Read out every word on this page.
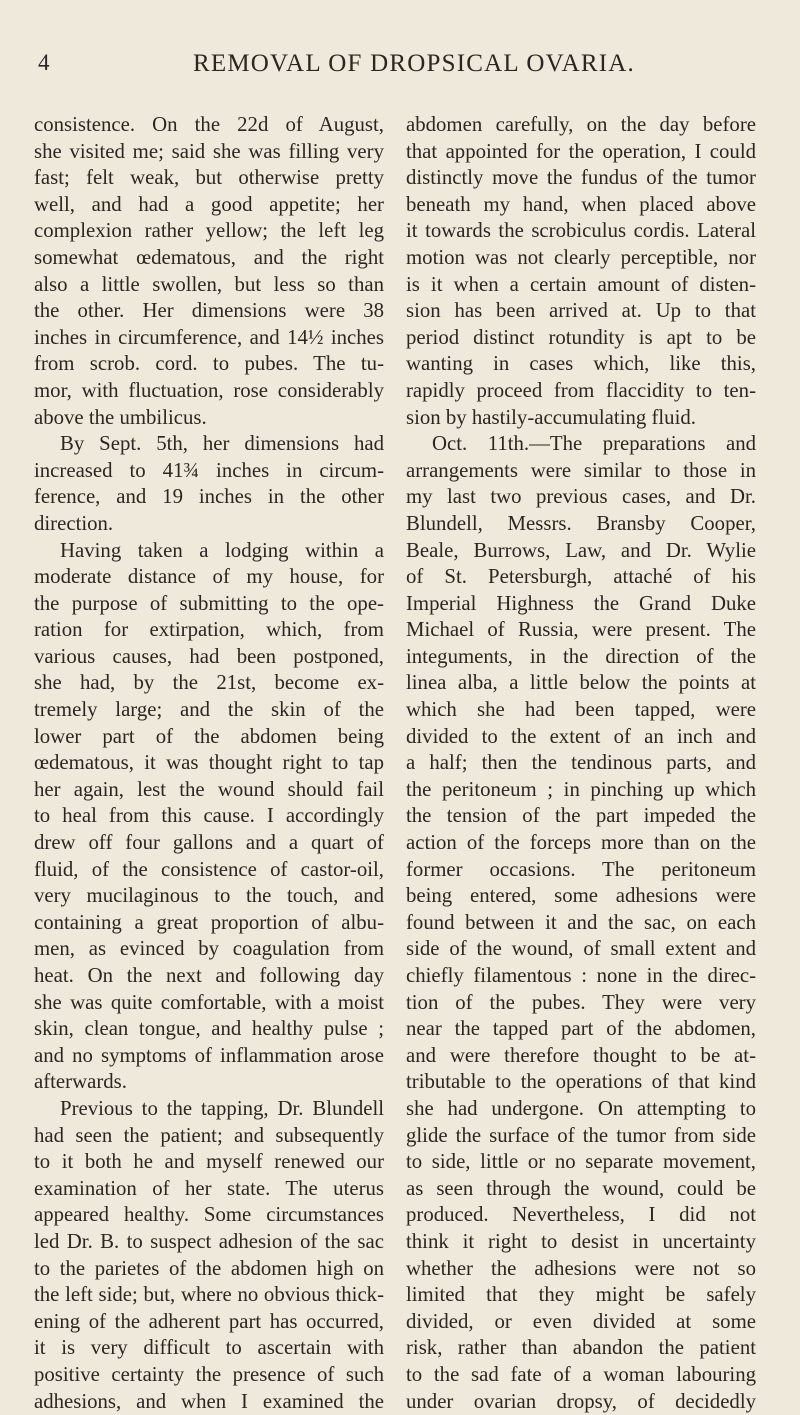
4	REMOVAL OF DROPSICAL OVARIA.
consistence. On the 22d of August,
she visited me; said she was filling very
fast; felt weak, but otherwise pretty
well, and had a good appetite; her
complexion rather yellow; the left leg
somewhat œdematous, and the right
also a little swollen, but less so than
the other. Her dimensions were 38
inches in circumference, and 14½ inches
from scrob. cord. to pubes. The tu-
mor, with fluctuation, rose considerably
above the umbilicus.
By Sept. 5th, her dimensions had
increased to 41¾ inches in circum-
ference, and 19 inches in the other
direction.
Having taken a lodging within a
moderate distance of my house, for
the purpose of submitting to the ope-
ration for extirpation, which, from
various causes, had been postponed,
she had, by the 21st, become ex-
tremely large; and the skin of the
lower part of the abdomen being
œdematous, it was thought right to tap
her again, lest the wound should fail
to heal from this cause. I accordingly
drew off four gallons and a quart of
fluid, of the consistence of castor-oil,
very mucilaginous to the touch, and
containing a great proportion of albu-
men, as evinced by coagulation from
heat. On the next and following day
she was quite comfortable, with a moist
skin, clean tongue, and healthy pulse ;
and no symptoms of inflammation arose
afterwards.
Previous to the tapping, Dr. Blundell
had seen the patient; and subsequently
to it both he and myself renewed our
examination of her state. The uterus
appeared healthy. Some circumstances
led Dr. B. to suspect adhesion of the sac
to the parietes of the abdomen high on
the left side; but, where no obvious thick-
ening of the adherent part has occurred,
it is very difficult to ascertain with
positive certainty the presence of such
adhesions, and when I examined the
abdomen carefully, on the day before
that appointed for the operation, I could
distinctly move the fundus of the tumor
beneath my hand, when placed above
it towards the scrobiculus cordis. Lateral
motion was not clearly perceptible, nor
is it when a certain amount of disten-
sion has been arrived at. Up to that
period distinct rotundity is apt to be
wanting in cases which, like this,
rapidly proceed from flaccidity to ten-
sion by hastily-accumulating fluid.
Oct. 11th.—The preparations and
arrangements were similar to those in
my last two previous cases, and Dr.
Blundell, Messrs. Bransby Cooper,
Beale, Burrows, Law, and Dr. Wylie
of St. Petersburgh, attaché of his
Imperial Highness the Grand Duke
Michael of Russia, were present. The
integuments, in the direction of the
linea alba, a little below the points at
which she had been tapped, were
divided to the extent of an inch and
a half; then the tendinous parts, and
the peritoneum ; in pinching up which
the tension of the part impeded the
action of the forceps more than on the
former occasions. The peritoneum
being entered, some adhesions were
found between it and the sac, on each
side of the wound, of small extent and
chiefly filamentous : none in the direc-
tion of the pubes. They were very
near the tapped part of the abdomen,
and were therefore thought to be at-
tributable to the operations of that kind
she had undergone. On attempting to
glide the surface of the tumor from side
to side, little or no separate movement,
as seen through the wound, could be
produced. Nevertheless, I did not
think it right to desist in uncertainty
whether the adhesions were not so
limited that they might be safely
divided, or even divided at some
risk, rather than abandon the patient
to the sad fate of a woman labouring
under ovarian dropsy, of decidedly
